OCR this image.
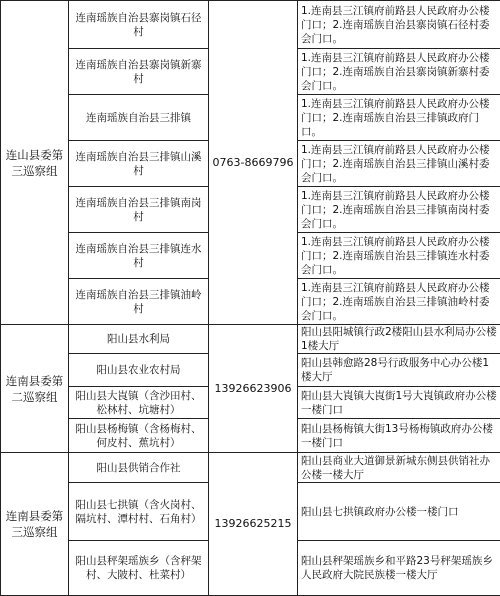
连山县委第三巡察组	连南瑶族自治县寨岗镇石径村	0763-8669796	1.连南县三江镇府前路县人民政府办公楼门口；2.连南瑶族自治县寨岗镇石径村委会门口。
	连南瑶族自治县寨岗镇新寨村		1.连南县三江镇府前路县人民政府办公楼门口；2.连南瑶族自治县寨岗镇新寨村委会门口。
	连南瑶族自治县三排镇		1.连南县三江镇府前路县人民政府办公楼门口；2.连南瑶族自治县三排镇政府门口。
	连南瑶族自治县三排镇山溪村		1.连南县三江镇府前路县人民政府办公楼门口；2.连南瑶族自治县三排镇山溪村委会门口。
	连南瑶族自治县三排镇南岗村		1.连南县三江镇府前路县人民政府办公楼门口；2.连南瑶族自治县三排镇南岗村委会门口。
	连南瑶族自治县三排镇连水村		1.连南县三江镇府前路县人民政府办公楼门口；2.连南瑶族自治县三排镇连水村委会门口。
	连南瑶族自治县三排镇油岭村		1.连南县三江镇府前路县人民政府办公楼门口；2.连南瑶族自治县三排镇油岭村委会门口。
连南县委第二巡察组	阳山县水利局	13926623906	阳山县阳城镇行政2楼阳山县水利局办公楼1楼大厅
	阳山县农业农村局		阳山县韩愈路28号行政服务中心办公楼1楼大厅
	阳山县大崀镇（含沙田村、松林村、坑塘村）		阳山县大崀镇大崀街1号大崀镇政府办公楼一楼门口
	阳山县杨梅镇（含杨梅村、何皮村、蕉坑村）		阳山县杨梅镇大街13号杨梅镇政府办公楼一楼门口
连南县委第三巡察组	阳山县供销合作社	13926625215	阳山县商业大道御景新城东侧县供销社办公楼一楼大厅
	阳山县七拱镇（含火岗村、隔坑村、潭村村、石角村）		阳山县七拱镇政府办公楼一楼门口
	阳山县秤架瑶族乡（含秤架村、大陂村、杜菜村）		阳山县秤架瑶族乡和平路23号秤架瑶族乡人民政府大院民族楼一楼大厅
